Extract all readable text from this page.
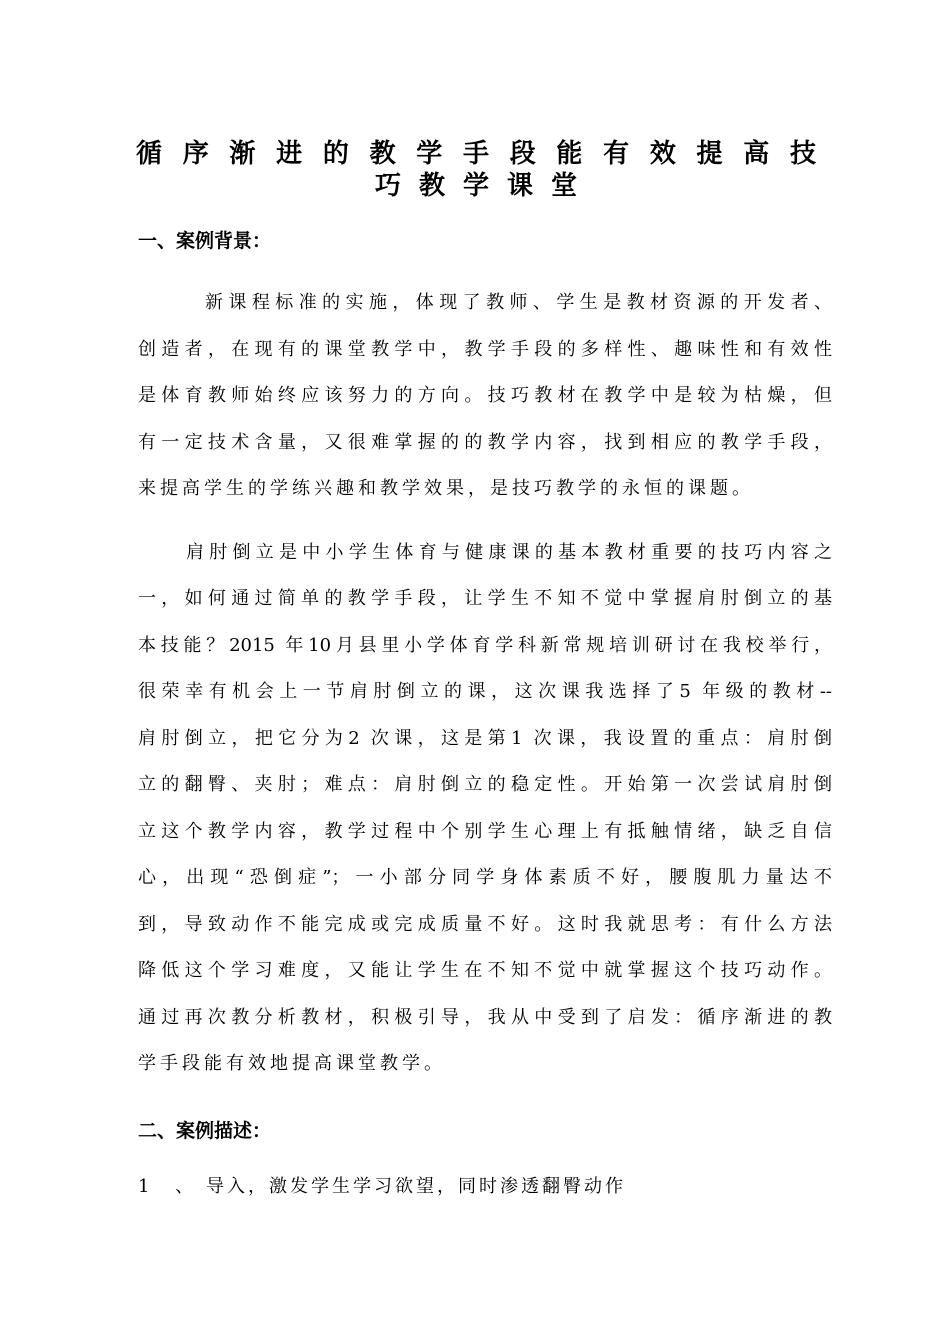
循序渐进的教学手段能有效提高技
巧教学课堂
一、案例背景：
新课程标准的实施，体现了教师、学生是教材资源的开发者、
创造者，在现有的课堂教学中，教学手段的多样性、趣味性和有效性
是体育教师始终应该努力的方向。技巧教材在教学中是较为枯燥，但
有一定技术含量，又很难掌握的的教学内容，找到相应的教学手段，
来提高学生的学练兴趣和教学效果，是技巧教学的永恒的课题。
肩肘倒立是中小学生体育与健康课的基本教材重要的技巧内容之
一，如何通过简单的教学手段，让学生不知不觉中掌握肩肘倒立的基
本技能？2015 年10月县里小学体育学科新常规培训研讨在我校举行，
很荣幸有机会上一节肩肘倒立的课，这次课我选择了5 年级的教材--
肩肘倒立，把它分为2 次课，这是第1 次课，我设置的重点：肩肘倒
立的翻臀、夹肘；难点：肩肘倒立的稳定性。开始第一次尝试肩肘倒
立这个教学内容，教学过程中个别学生心理上有抵触情绪，缺乏自信
心，出现“恐倒症”；一小部分同学身体素质不好，腰腹肌力量达不
到，导致动作不能完成或完成质量不好。这时我就思考：有什么方法
降低这个学习难度，又能让学生在不知不觉中就掌握这个技巧动作。
通过再次教分析教材，积极引导，我从中受到了启发：循序渐进的教
学手段能有效地提高课堂教学。
二、案例描述：
1 、 导入，激发学生学习欲望，同时渗透翻臀动作
